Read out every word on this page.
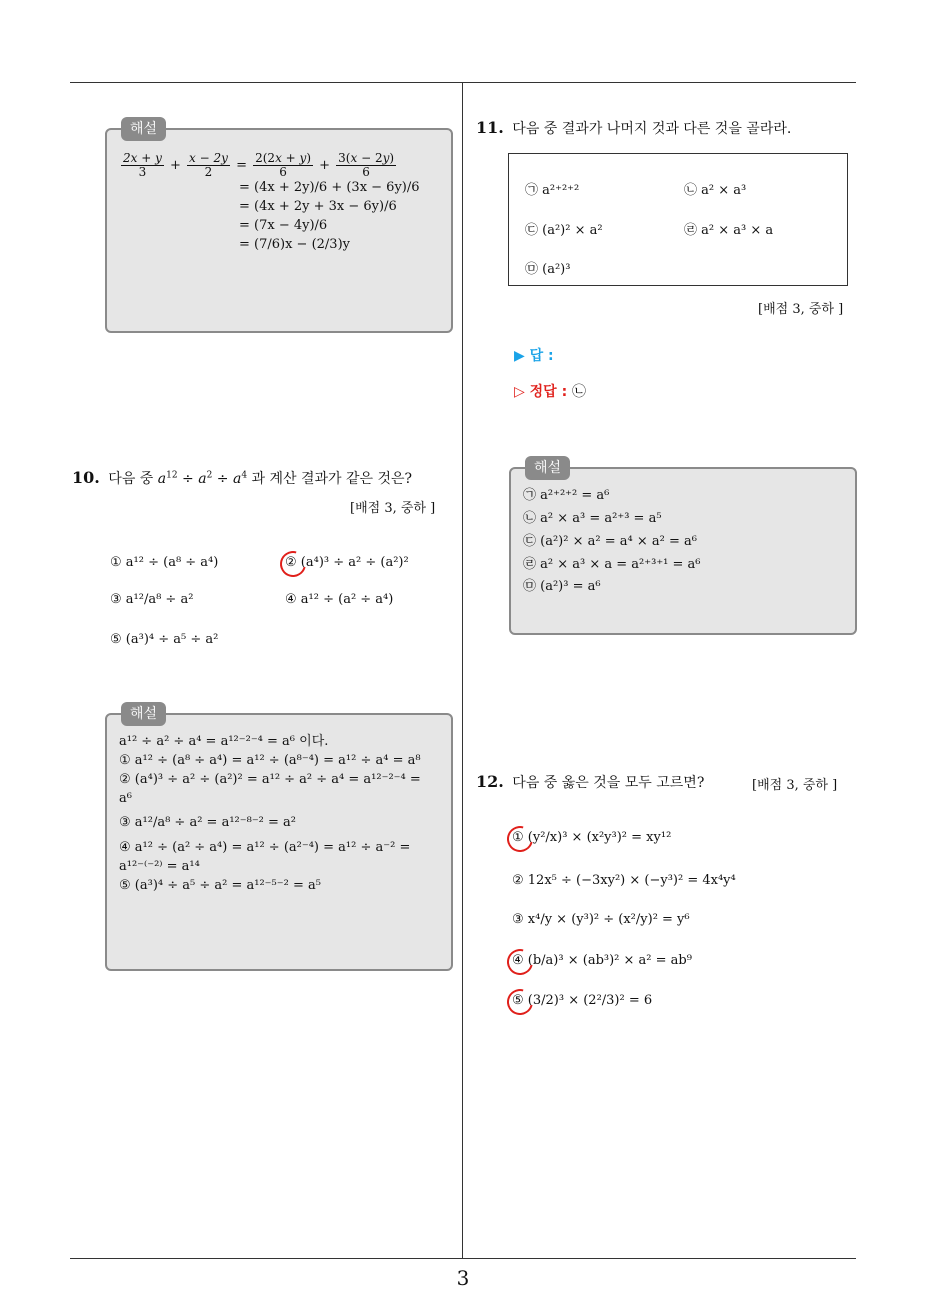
해설
$\frac{2x + y}{3} + \frac{x - 2y}{2} = \frac{2(2x + y)}{6} + \frac{3(x - 2y)}{6}$
= (4x + 2y)/6 + (3x − 6y)/6
= (4x + 2y + 3x − 6y)/6
= (7x − 4y)/6
= (7/6)x − (2/3)y
10. 다음 중 $a^{12} \div a^2 \div a^4$ 과 계산 결과가 같은 것은?
[배점 3, 중하 ]
① a¹² ÷ (a⁸ ÷ a⁴)	② (a⁴)³ ÷ a² ÷ (a²)²
③ a¹²/a⁸ ÷ a²	④ a¹² ÷ (a² ÷ a⁴)
⑤ (a³)⁴ ÷ a⁵ ÷ a²
해설
a¹² ÷ a² ÷ a⁴ = a¹²⁻²⁻⁴ = a⁶ 이다.
① a¹² ÷ (a⁸ ÷ a⁴) = a¹² ÷ (a⁸⁻⁴) = a¹² ÷ a⁴ = a⁸
② (a⁴)³ ÷ a² ÷ (a²)² = a¹² ÷ a² ÷ a⁴ = a¹²⁻²⁻⁴ =
a⁶
③ a¹²/a⁸ ÷ a² = a¹²⁻⁸⁻² = a²
④ a¹² ÷ (a² ÷ a⁴) = a¹² ÷ (a²⁻⁴) = a¹² ÷ a⁻² =
a¹²⁻⁽⁻²⁾ = a¹⁴
⑤ (a³)⁴ ÷ a⁵ ÷ a² = a¹²⁻⁵⁻² = a⁵
11. 다음 중 결과가 나머지 것과 다른 것을 골라라.
㉠ a²⁺²⁺²	㉡ a² × a³
㉢ (a²)² × a²	㉣ a² × a³ × a
㉤ (a²)³
[배점 3, 중하 ]
▶ 답 :
▷ 정답 : ㉡
해설
㉠ a²⁺²⁺² = a⁶
㉡ a² × a³ = a²⁺³ = a⁵
㉢ (a²)² × a² = a⁴ × a² = a⁶
㉣ a² × a³ × a = a²⁺³⁺¹ = a⁶
㉤ (a²)³ = a⁶
12. 다음 중 옳은 것을 모두 고르면?	[배점 3, 중하 ]
① (y²/x)³ × (x²y³)² = xy¹²
② 12x⁵ ÷ (−3xy²) × (−y³)² = 4x⁴y⁴
③ x⁴/y × (y³)² ÷ (x²/y)² = y⁶
④ (b/a)³ × (ab³)² × a² = ab⁹
⑤ (3/2)³ × (2²/3)² = 6
3
